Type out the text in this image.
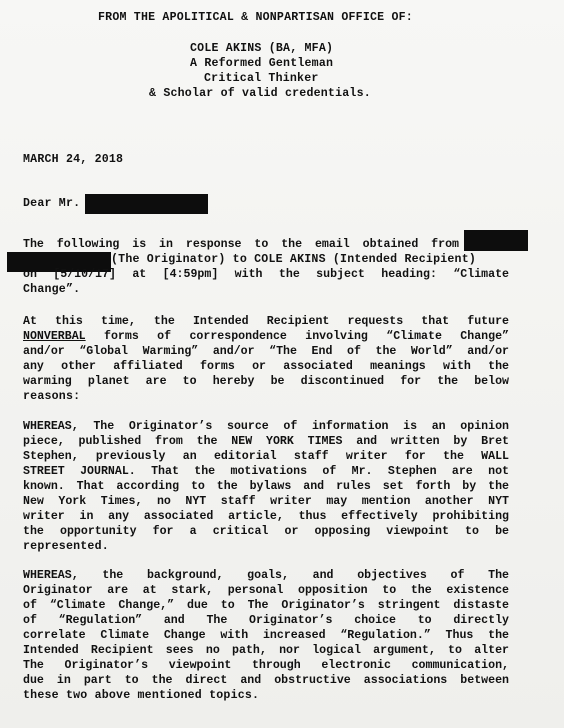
FROM THE APOLITICAL & NONPARTISAN OFFICE OF:
COLE AKINS (BA, MFA)
A Reformed Gentleman
Critical Thinker
& Scholar of valid credentials.
MARCH 24, 2018
Dear Mr.
The following is in response to the email obtained from
(The Originator) to COLE AKINS (Intended Recipient)
on [5/10/17] at [4:59pm] with the subject heading: “Climate
Change”.
At this time, the Intended Recipient requests that future
NONVERBAL forms of correspondence involving “Climate Change”
and/or “Global Warming” and/or “The End of the World” and/or
any other affiliated forms or associated meanings with the
warming planet are to hereby be discontinued for the below
reasons:
WHEREAS, The Originator’s source of information is an opinion
piece, published from the NEW YORK TIMES and written by Bret
Stephen, previously an editorial staff writer for the WALL
STREET JOURNAL. That the motivations of Mr. Stephen are not
known. That according to the bylaws and rules set forth by the
New York Times, no NYT staff writer may mention another NYT
writer in any associated article, thus effectively prohibiting
the opportunity for a critical or opposing viewpoint to be
represented.
WHEREAS, the background, goals, and objectives of The
Originator are at stark, personal opposition to the existence
of “Climate Change,” due to The Originator’s stringent distaste
of “Regulation” and The Originator’s choice to directly
correlate Climate Change with increased “Regulation.” Thus the
Intended Recipient sees no path, nor logical argument, to alter
The Originator’s viewpoint through electronic communication,
due in part to the direct and obstructive associations between
these two above mentioned topics.
